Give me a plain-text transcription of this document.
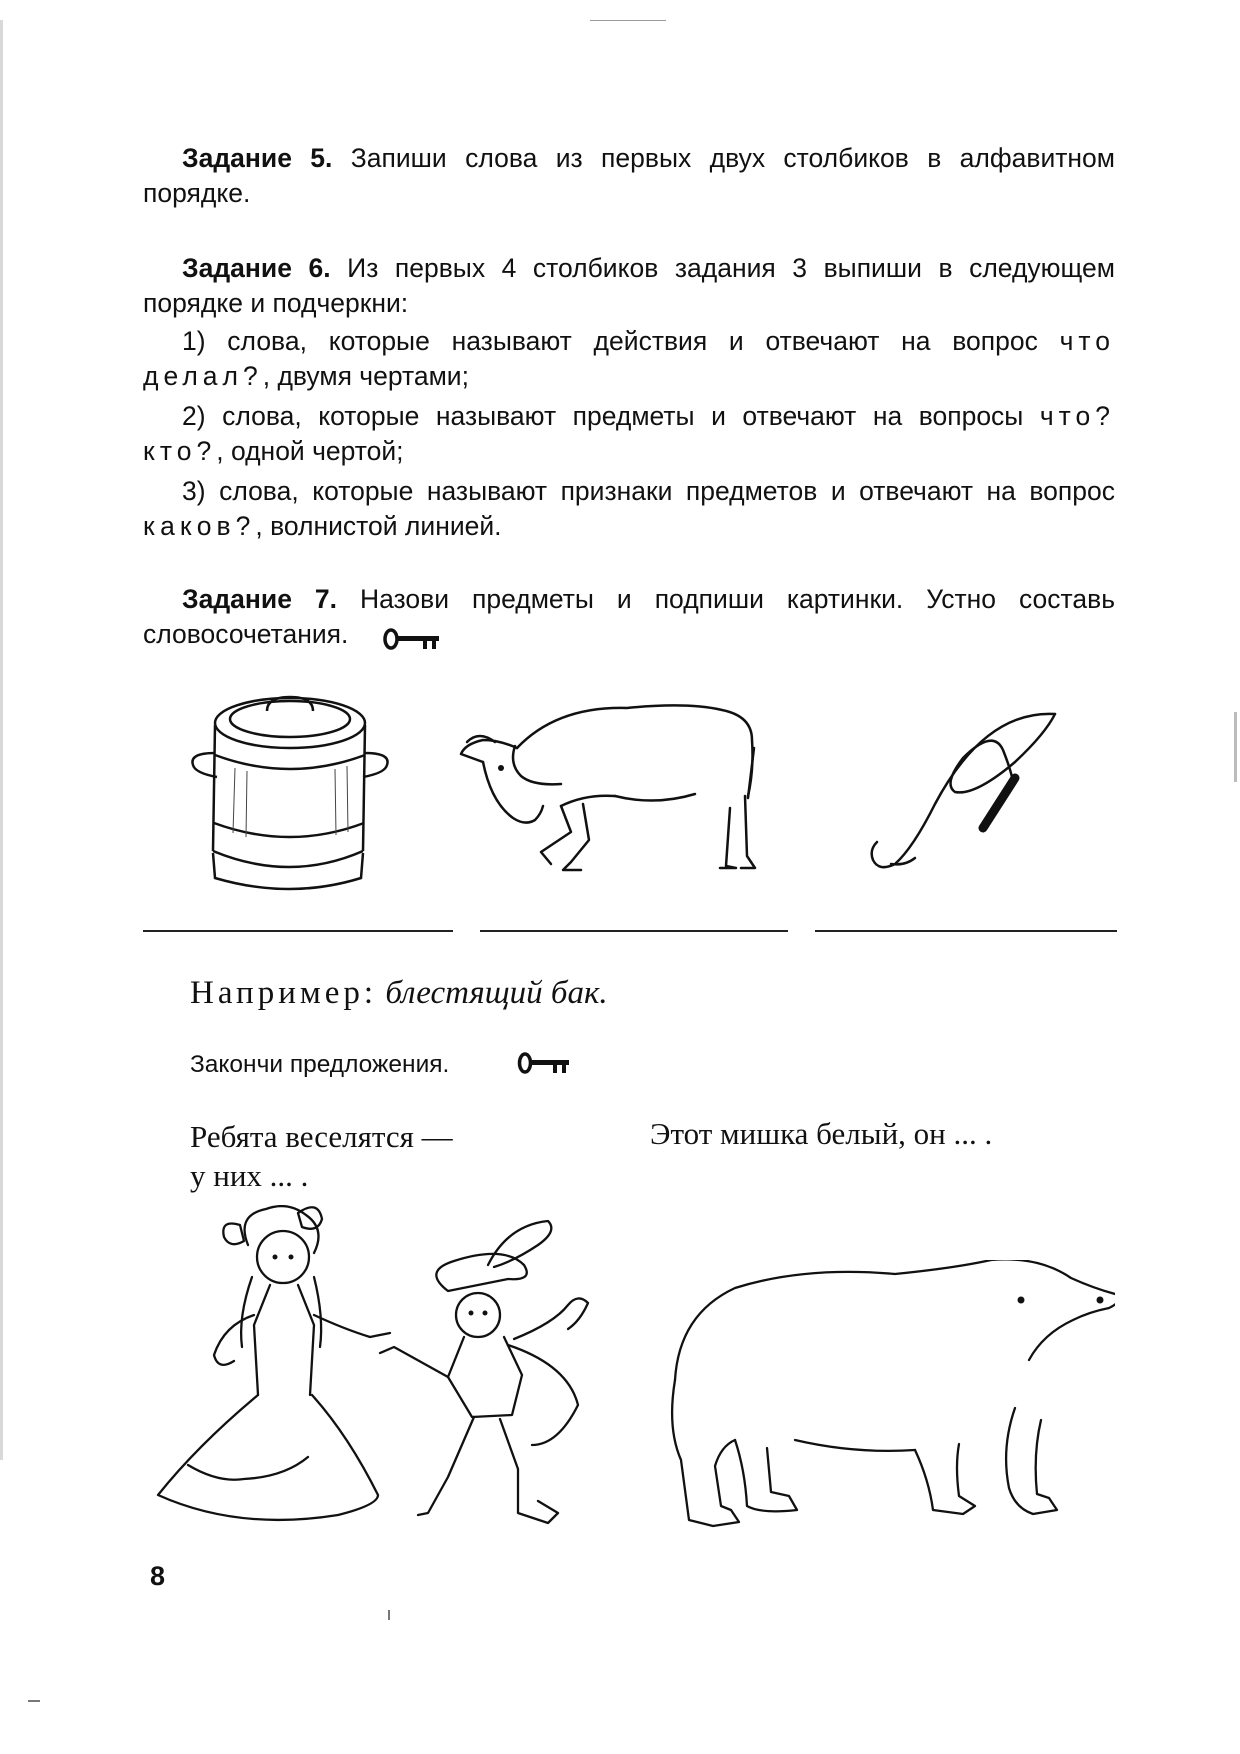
Задание 5. Запиши слова из первых двух столбиков в алфавитном порядке.

Задание 6. Из первых 4 столбиков задания 3 выпиши в следующем порядке и подчеркни:

1) слова, которые называют действия и отвечают на вопрос что делал?, двумя чертами;

2) слова, которые называют предметы и отвечают на вопросы что? кто?, одной чертой;

3) слова, которые называют признаки предметов и отвечают на вопрос каков?, волнистой линией.

Задание 7. Назови предметы и подпиши картинки. Устно составь словосочетания.

Например: блестящий бак.
Закончи предложения.
Ребята веселятся —
у них ... .
Этот мишка белый, он ... .
8
